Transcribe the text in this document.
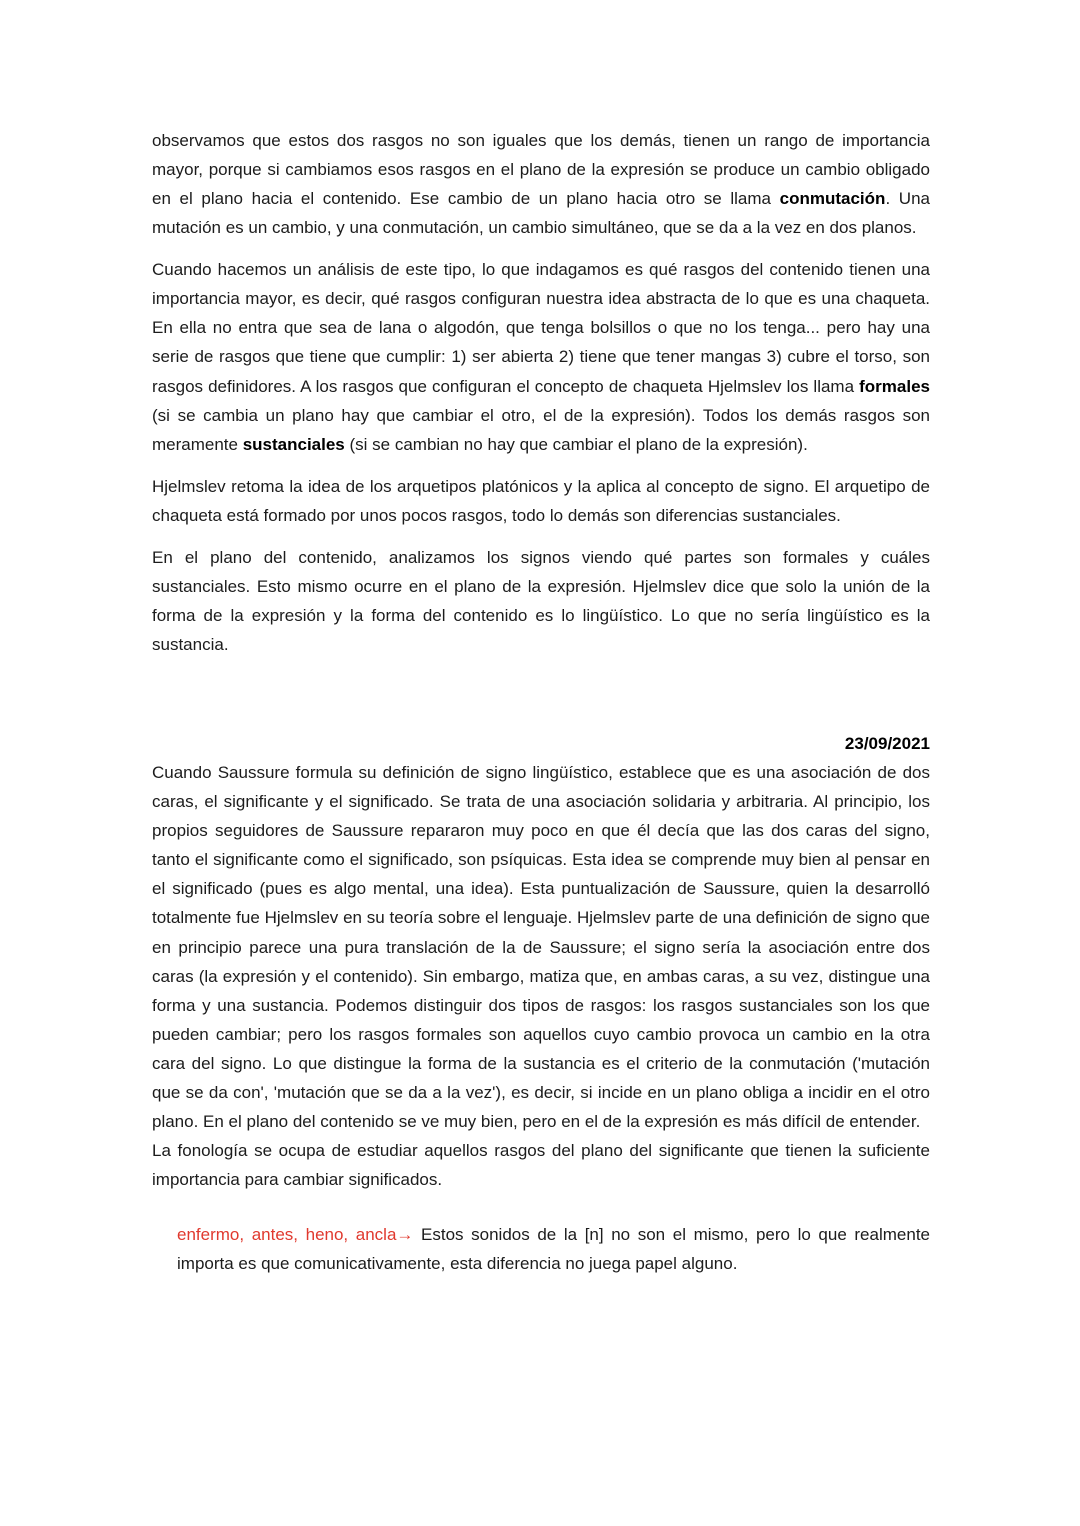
observamos que estos dos rasgos no son iguales que los demás, tienen un rango de importancia mayor, porque si cambiamos esos rasgos en el plano de la expresión se produce un cambio obligado en el plano hacia el contenido. Ese cambio de un plano hacia otro se llama conmutación. Una mutación es un cambio, y una conmutación, un cambio simultáneo, que se da a la vez en dos planos.

Cuando hacemos un análisis de este tipo, lo que indagamos es qué rasgos del contenido tienen una importancia mayor, es decir, qué rasgos configuran nuestra idea abstracta de lo que es una chaqueta. En ella no entra que sea de lana o algodón, que tenga bolsillos o que no los tenga... pero hay una serie de rasgos que tiene que cumplir: 1) ser abierta 2) tiene que tener mangas 3) cubre el torso, son rasgos definidores. A los rasgos que configuran el concepto de chaqueta Hjelmslev los llama formales (si se cambia un plano hay que cambiar el otro, el de la expresión). Todos los demás rasgos son meramente sustanciales (si se cambian no hay que cambiar el plano de la expresión).

Hjelmslev retoma la idea de los arquetipos platónicos y la aplica al concepto de signo. El arquetipo de chaqueta está formado por unos pocos rasgos, todo lo demás son diferencias sustanciales.

En el plano del contenido, analizamos los signos viendo qué partes son formales y cuáles sustanciales. Esto mismo ocurre en el plano de la expresión. Hjelmslev dice que solo la unión de la forma de la expresión y la forma del contenido es lo lingüístico. Lo que no sería lingüístico es la sustancia.

23/09/2021

Cuando Saussure formula su definición de signo lingüístico, establece que es una asociación de dos caras, el significante y el significado. Se trata de una asociación solidaria y arbitraria. Al principio, los propios seguidores de Saussure repararon muy poco en que él decía que las dos caras del signo, tanto el significante como el significado, son psíquicas. Esta idea se comprende muy bien al pensar en el significado (pues es algo mental, una idea). Esta puntualización de Saussure, quien la desarrolló totalmente fue Hjelmslev en su teoría sobre el lenguaje. Hjelmslev parte de una definición de signo que en principio parece una pura translación de la de Saussure; el signo sería la asociación entre dos caras (la expresión y el contenido). Sin embargo, matiza que, en ambas caras, a su vez, distingue una forma y una sustancia. Podemos distinguir dos tipos de rasgos: los rasgos sustanciales son los que pueden cambiar; pero los rasgos formales son aquellos cuyo cambio provoca un cambio en la otra cara del signo. Lo que distingue la forma de la sustancia es el criterio de la conmutación ('mutación que se da con', 'mutación que se da a la vez'), es decir, si incide en un plano obliga a incidir en el otro plano. En el plano del contenido se ve muy bien, pero en el de la expresión es más difícil de entender.

La fonología se ocupa de estudiar aquellos rasgos del plano del significante que tienen la suficiente importancia para cambiar significados.

enfermo, antes, heno, ancla→ Estos sonidos de la [n] no son el mismo, pero lo que realmente importa es que comunicativamente, esta diferencia no juega papel alguno.
